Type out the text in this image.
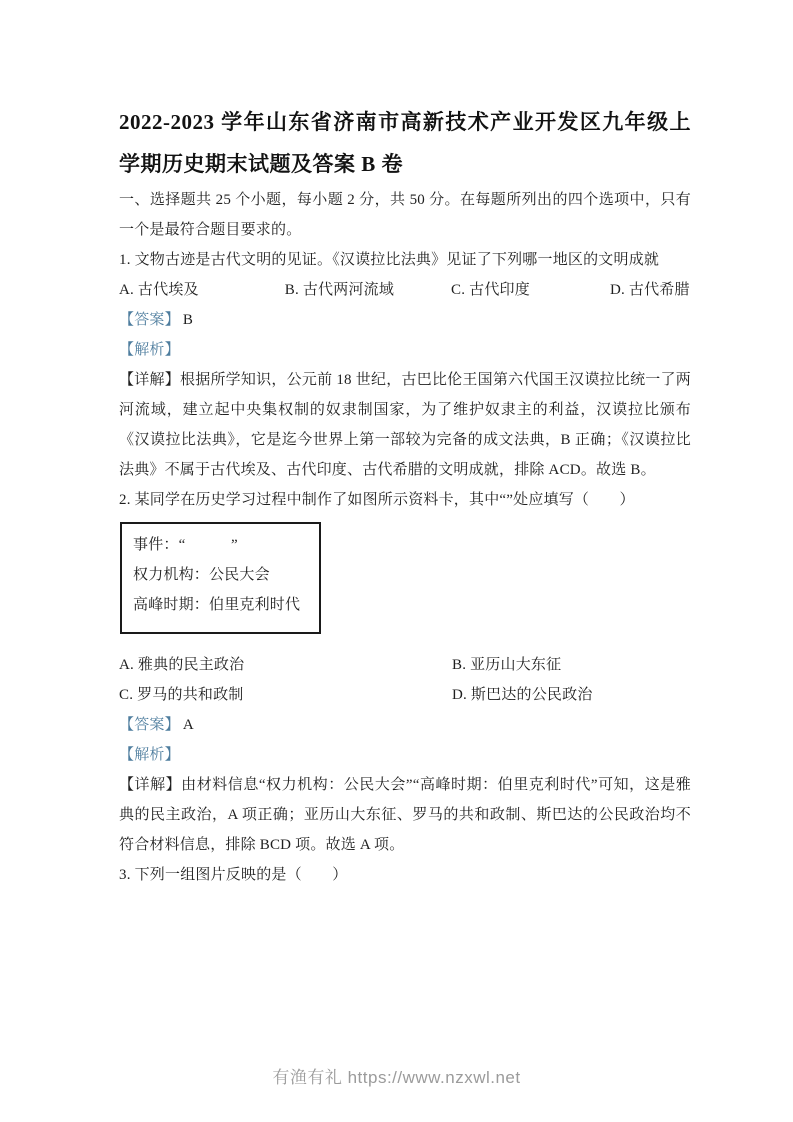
2022-2023 学年山东省济南市高新技术产业开发区九年级上学期历史期末试题及答案 B 卷

一、选择题共 25 个小题，每小题 2 分，共 50 分。在每题所列出的四个选项中，只有一个是最符合题目要求的。

1. 文物古迹是古代文明的见证。《汉谟拉比法典》见证了下列哪一地区的文明成就

A. 古代埃及	B. 古代两河流域	C. 古代印度	D. 古代希腊

【答案】 B

【解析】

【详解】根据所学知识，公元前 18 世纪，古巴比伦王国第六代国王汉谟拉比统一了两河流域，建立起中央集权制的奴隶制国家，为了维护奴隶主的利益，汉谟拉比颁布《汉谟拉比法典》，它是迄今世界上第一部较为完备的成文法典，B 正确；《汉谟拉比法典》不属于古代埃及、古代印度、古代希腊的文明成就，排除 ACD。故选 B。

2. 某同学在历史学习过程中制作了如图所示资料卡，其中“”处应填写（　　）

事件：“　　　”

权力机构：公民大会

高峰时期：伯里克利时代

A. 雅典的民主政治	B. 亚历山大东征
C. 罗马的共和政制	D. 斯巴达的公民政治

【答案】 A

【解析】

【详解】由材料信息“权力机构：公民大会”“高峰时期：伯里克利时代”可知，这是雅典的民主政治，A 项正确；亚历山大东征、罗马的共和政制、斯巴达的公民政治均不符合材料信息，排除 BCD 项。故选 A 项。

3. 下列一组图片反映的是（　　）

有渔有礼 https://www.nzxwl.net
